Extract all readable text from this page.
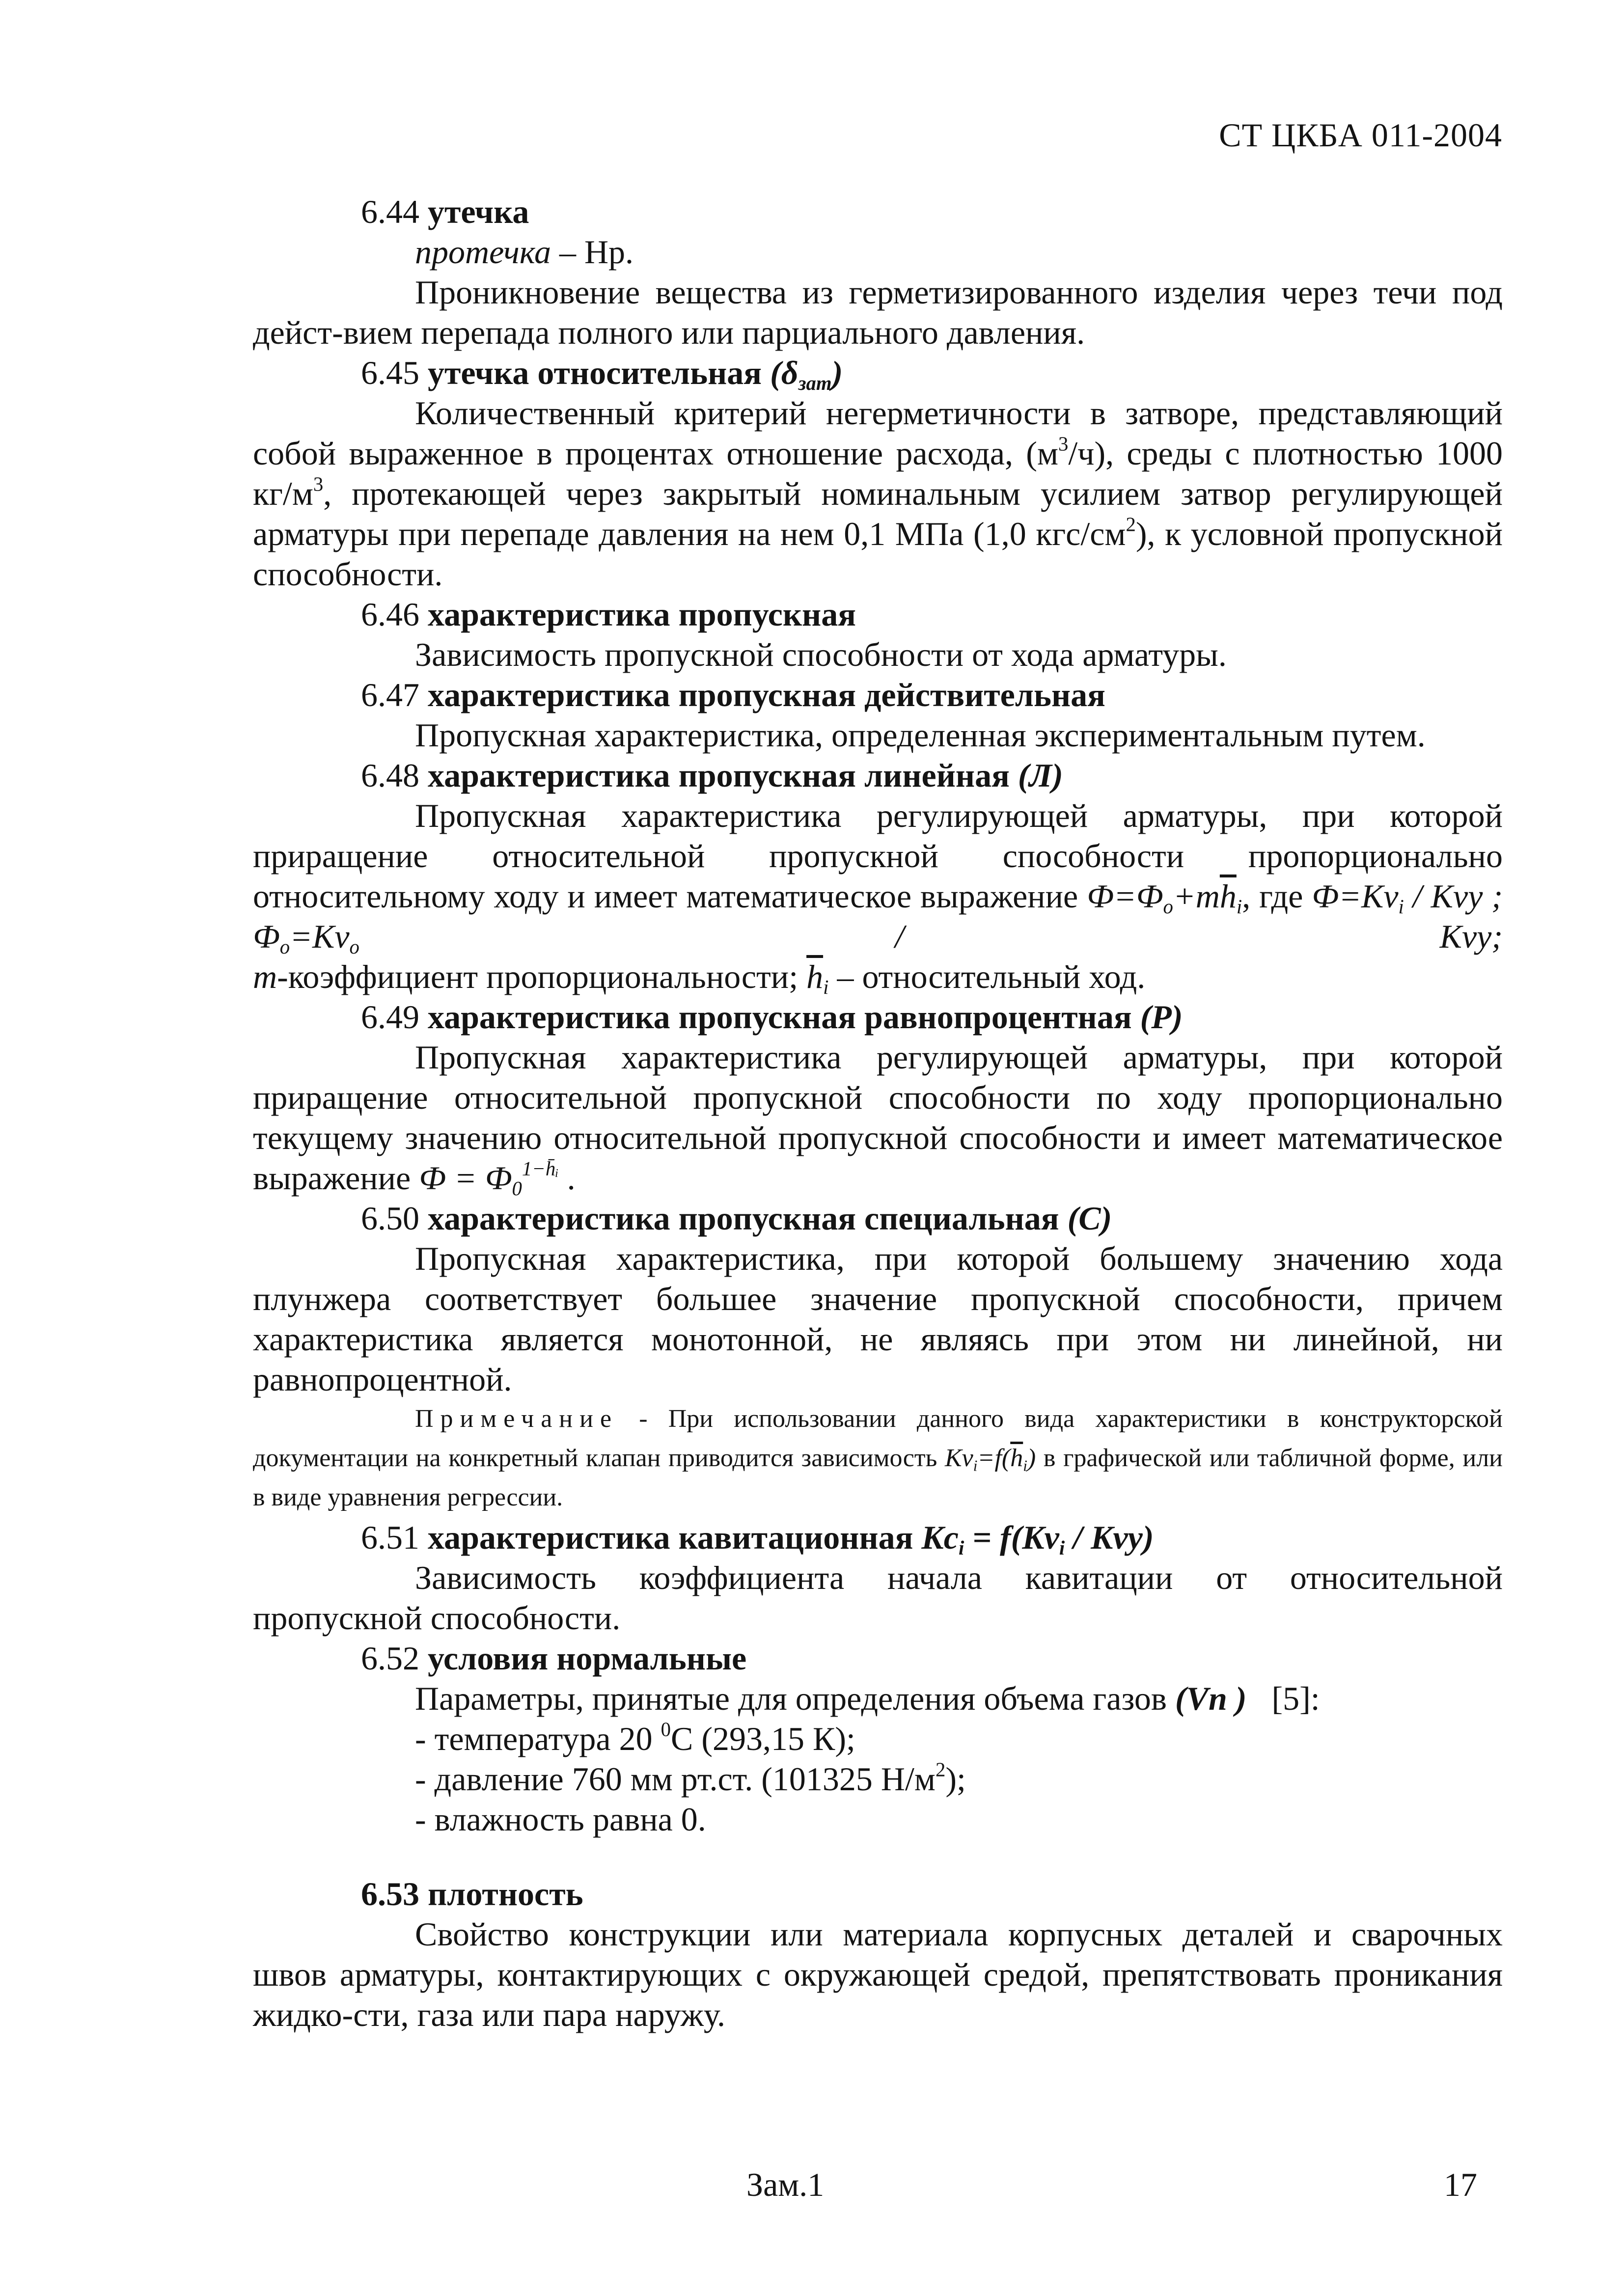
СТ ЦКБА 011-2004

6.44 утечка

протечка – Нр.

Проникновение вещества из герметизированного изделия через течи под дейст-вием перепада полного или парциального давления.

6.45 утечка относительная $(\delta_{зат})$

Количественный критерий негерметичности в затворе, представляющий собой выраженное в процентах отношение расхода, $(м^3/ч)$, среды с плотностью 1000 $кг/м^3$, протекающей через закрытый номинальным усилием затвор регулирующей арматуры при перепаде давления на нем 0,1 МПа (1,0 кгс/$см^2$), к условной пропускной способности.

6.46 характеристика пропускная

Зависимость пропускной способности от хода арматуры.

6.47 характеристика пропускная действительная

Пропускная характеристика, определенная экспериментальным путем.

6.48 характеристика пропускная линейная (Л)

Пропускная характеристика регулирующей арматуры, при которой приращение относительной пропускной способности пропорционально относительному ходу и имеет математическое выражение $Ф=Ф_o+m\overline{h}_i$, где $Ф=Kv_i$ / Kvy ; $Ф_o=Kv_o$ / Kvy;

m-коэффициент пропорциональности; $\overline{h}_i$ – относительный ход.

6.49 характеристика пропускная равнопроцентная (Р)

Пропускная характеристика регулирующей арматуры, при которой приращение относительной пропускной способности по ходу пропорционально текущему значению относительной пропускной способности и имеет математическое

выражение $Ф = Ф_0^{1-h̄ᵢ}$ .

6.50 характеристика пропускная специальная (С)

Пропускная характеристика, при которой большему значению хода плунжера соответствует большее значение пропускной способности, причем характеристика является монотонной, не являясь при этом ни линейной, ни равнопроцентной.

Примечание - При использовании данного вида характеристики в конструкторской документации на конкретный клапан приводится зависимость $Kv_i=f(\overline{h}_i)$ в графической или табличной форме, или в виде уравнения регрессии.

6.51 характеристика кавитационная $Kc_i = f(Kv_i / Kvy)$

Зависимость коэффициента начала кавитации от относительной пропускной способности.

6.52 условия нормальные

Параметры, принятые для определения объема газов (Vn ) [5]:

- температура 20 $^0$С (293,15 К);

- давление 760 мм рт.ст. (101325 $Н/м^2$);

- влажность равна 0.

6.53 плотность

Свойство конструкции или материала корпусных деталей и сварочных швов арматуры, контактирующих с окружающей средой, препятствовать проникания жидко-сти, газа или пара наружу.

Зам.1	17
